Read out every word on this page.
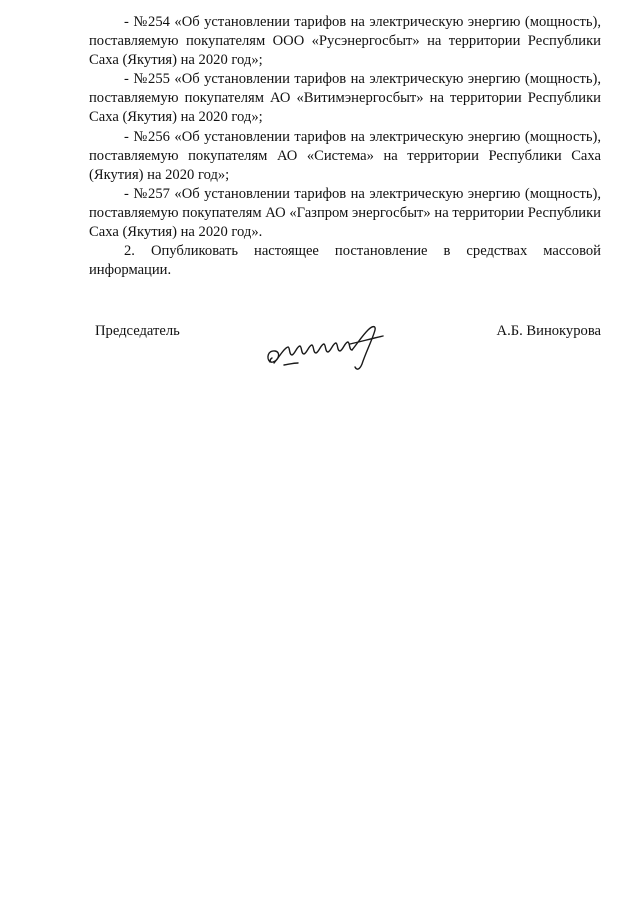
- №254 «Об установлении тарифов на электрическую энергию (мощность), поставляемую покупателям ООО «Русэнергосбыт» на территории Республики Саха (Якутия) на 2020 год»;

- №255 «Об установлении тарифов на электрическую энергию (мощность), поставляемую покупателям АО «Витимэнергосбыт» на территории Республики Саха (Якутия) на 2020 год»;

- №256 «Об установлении тарифов на электрическую энергию (мощность), поставляемую покупателям АО «Система» на территории Республики Саха (Якутия) на 2020 год»;

- №257 «Об установлении тарифов на электрическую энергию (мощность), поставляемую покупателям АО «Газпром энергосбыт» на территории Республики Саха (Якутия) на 2020 год».

2. Опубликовать настоящее постановление в средствах массовой информации.

Председатель	А.Б. Винокурова
